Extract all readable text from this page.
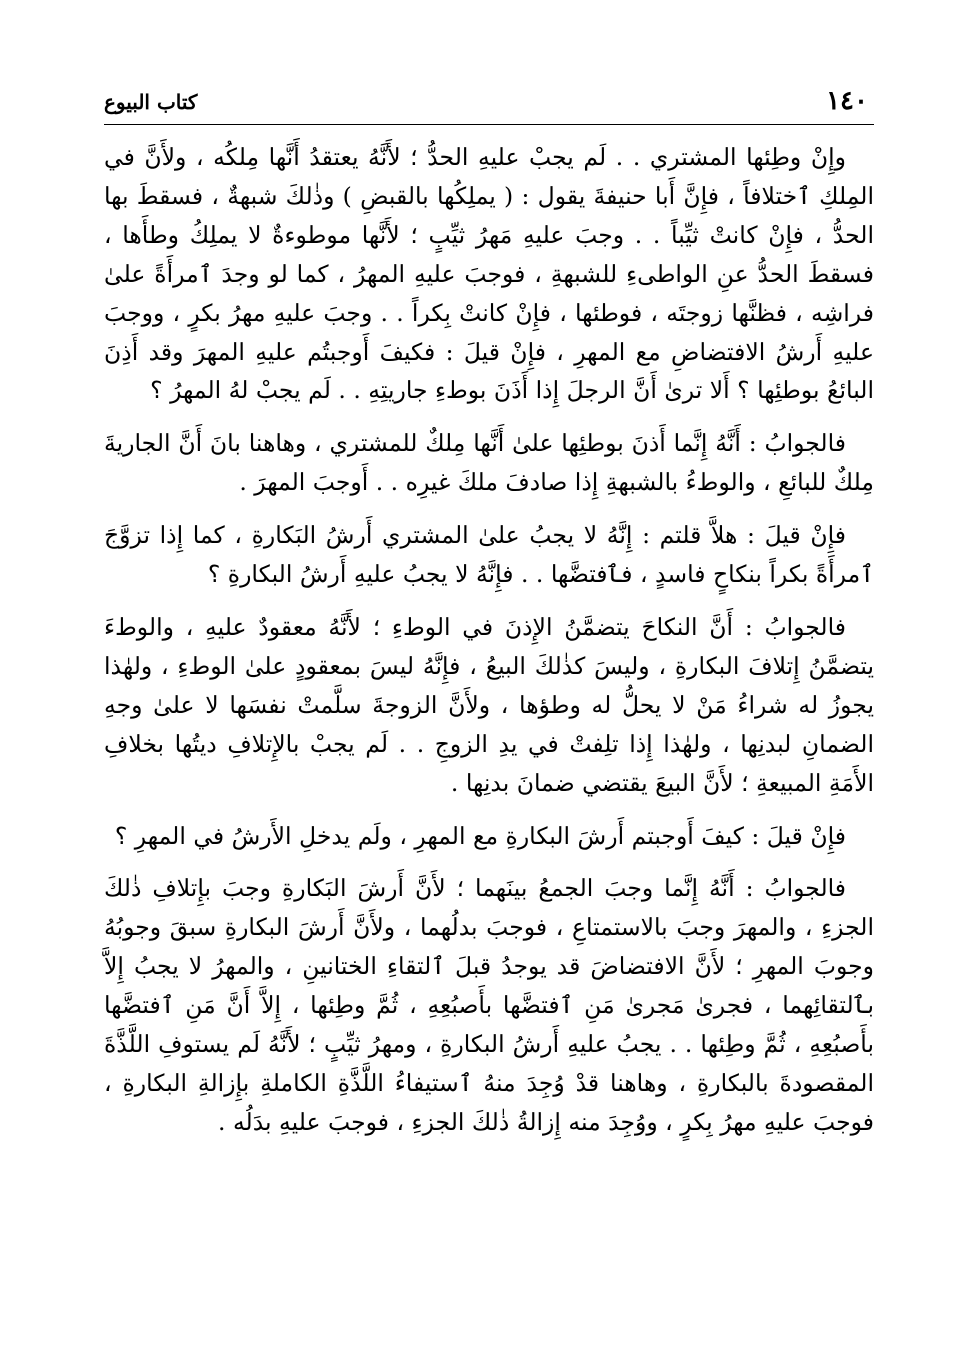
١٤٠
كتاب البيوع

وإِنْ وطِئها المشتري . . لَم يجبْ عليهِ الحدُّ ؛ لأَنَّهُ يعتقدُ أَنَّها مِلكُه ، ولأَنَّ في المِلكِ ٱختلافاً ، فإِنَّ أَبا حنيفةَ يقول : ( يملِكُها بالقبضِ ) وذٰلكَ شبهةٌ ، فسقطَ بها الحدُّ ، فإِنْ كانتْ ثيِّباً . . وجبَ عليهِ مَهرُ ثيِّبٍ ؛ لأَنَّها موطوءةٌ لا يملِكُ وطأَها ، فسقطَ الحدُّ عنِ الواطىءِ للشبهةِ ، فوجبَ عليهِ المهرُ ، كما لو وجدَ ٱمرأَةً علىٰ فراشِه ، فظنَّها زوجتَه ، فوطئها ، فإِنْ كانتْ بِكراً . . وجبَ عليهِ مهرُ بكرٍ ، ووجبَ عليهِ أَرشُ الافتضاضِ مع المهرِ ، فإِنْ قيلَ : فكيفَ أَوجبتُم عليهِ المهرَ وقد أَذِنَ البائعُ بوطئِها ؟ أَلا ترىٰ أَنَّ الرجلَ إِذا أَذَنَ بوطءِ جاريتِهِ . . لَم يجبْ لهُ المهرُ ؟

فالجوابُ : أَنَّهُ إِنَّما أَذنَ بوطئِها علىٰ أَنَّها مِلكٌ للمشتري ، وهاهنا بانَ أَنَّ الجاريةَ مِلكٌ للبائعِ ، والوطءُ بالشبهةِ إِذا صادفَ ملكَ غيرِه . . أَوجبَ المهرَ .

فإِنْ قيلَ : هلاَّ قلتم : إِنَّهُ لا يجبُ علىٰ المشتري أَرشُ البَكارةِ ، كما إِذا تزوَّجَ ٱمرأَةً بكراً بنكاحٍ فاسدٍ ، فٱفتضَّها . . فإِنَّهُ لا يجبُ عليهِ أَرشُ البكارةِ ؟

فالجوابُ : أَنَّ النكاحَ يتضمَّنُ الإِذنَ في الوطءِ ؛ لأَنَّهُ معقودٌ عليهِ ، والوطءَ يتضمَّنُ إِتلافَ البكارةِ ، وليسَ كذٰلكَ البيعُ ، فإِنَّهُ ليسَ بمعقودٍ علىٰ الوطءِ ، ولهٰذا يجوزُ له شراءُ مَنْ لا يحلُّ له وطؤها ، ولأَنَّ الزوجةَ سلَّمتْ نفسَها لا علىٰ وجهِ الضمانِ لبدنِها ، ولهٰذا إِذا تلِفتْ في يدِ الزوجِ . . لَم يجبْ بالإِتلافِ ديتُها بخلافِ الأَمَةِ المبيعةِ ؛ لأَنَّ البيعَ يقتضي ضمانَ بدنِها .

فإِنْ قيلَ : كيفَ أَوجبتم أَرشَ البكارةِ مع المهرِ ، ولَم يدخلِ الأَرشُ في المهرِ ؟

فالجوابُ : أَنَّهُ إِنَّما وجبَ الجمعُ بينَهما ؛ لأَنَّ أَرشَ البَكارةِ وجبَ بإِتلافِ ذٰلكَ الجزءِ ، والمهرَ وجبَ بالاستمتاعِ ، فوجبَ بدلُهما ، ولأَنَّ أَرشَ البكارةِ سبقَ وجوبُهُ وجوبَ المهرِ ؛ لأَنَّ الافتضاضَ قد يوجدُ قبلَ ٱلتقاءِ الختانينِ ، والمهرُ لا يجبُ إِلاَّ بٱلتقائِهما ، فجرىٰ مَجرىٰ مَنِ ٱفتضَّها بأَصبُعِهِ ، ثُمَّ وطِئها ، إِلاَّ أَنَّ مَنِ ٱفتضَّها بأَصبُعِهِ ، ثُمَّ وطِئها . . يجبُ عليهِ أَرشُ البكارةِ ، ومهرُ ثيِّبٍ ؛ لأَنَّهُ لَم يستوفِ اللَّذَّةَ المقصودةَ بالبكارةِ ، وهاهنا قدْ وُجِدَ منهُ ٱستيفاءُ اللَّذَّةِ الكاملةِ بإِزالةِ البكارةِ ، فوجبَ عليهِ مهرُ بِكرٍ ، ووُجِدَ منه إِزالةُ ذٰلكَ الجزءِ ، فوجبَ عليهِ بدَلُه .
